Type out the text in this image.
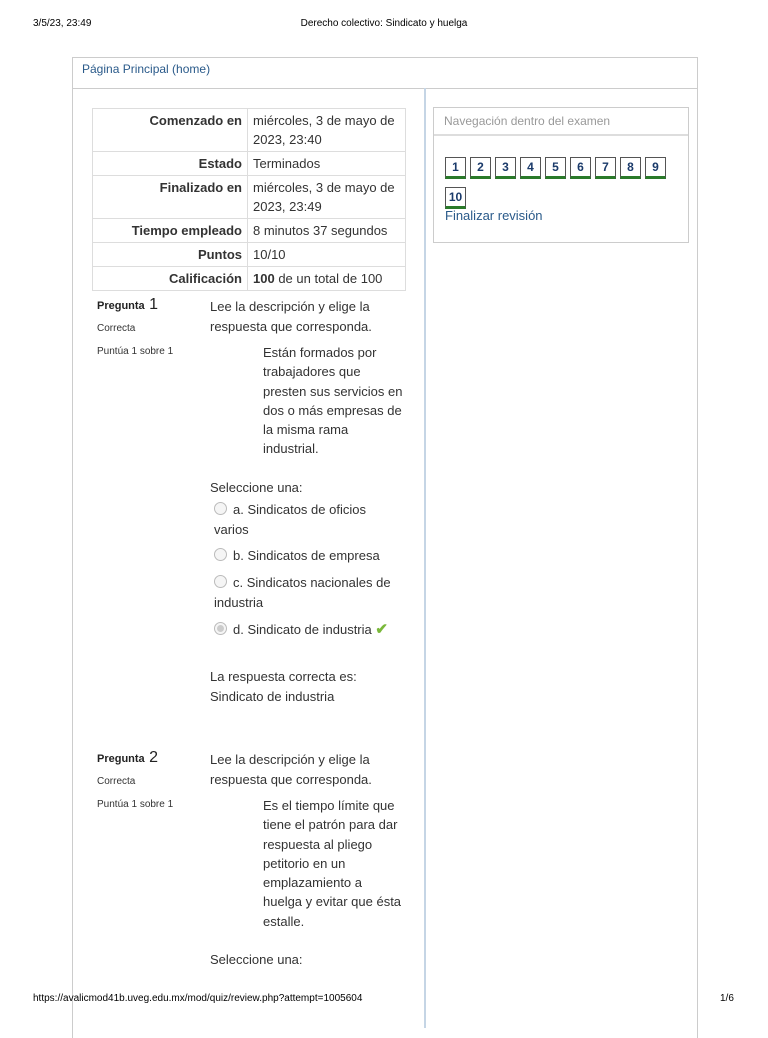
3/5/23, 23:49	Derecho colectivo: Sindicato y huelga
Página Principal (home)
Comenzado en	miércoles, 3 de mayo de 2023, 23:40
Estado	Terminados
Finalizado en	miércoles, 3 de mayo de 2023, 23:49
Tiempo empleado	8 minutos 37 segundos
Puntos	10/10
Calificación	100 de un total de 100
Navegación dentro del examen
1 2 3 4 5 6 7 8 910
Finalizar revisión
Pregunta 1
Correcta
Puntúa 1 sobre 1
Lee la descripción y elige la respuesta que corresponda.
Están formados por trabajadores que presten sus servicios en dos o más empresas de la misma rama industrial.
Seleccione una:
a. Sindicatos de oficios varios
b. Sindicatos de empresa
c. Sindicatos nacionales de industria
d. Sindicato de industria ✔
La respuesta correcta es:
Sindicato de industria
Pregunta 2
Correcta
Puntúa 1 sobre 1
Lee la descripción y elige la respuesta que corresponda.
Es el tiempo límite que tiene el patrón para dar respuesta al pliego petitorio en un emplazamiento a huelga y evitar que ésta estalle.
Seleccione una:
https://avalicmod41b.uveg.edu.mx/mod/quiz/review.php?attempt=1005604	1/6
